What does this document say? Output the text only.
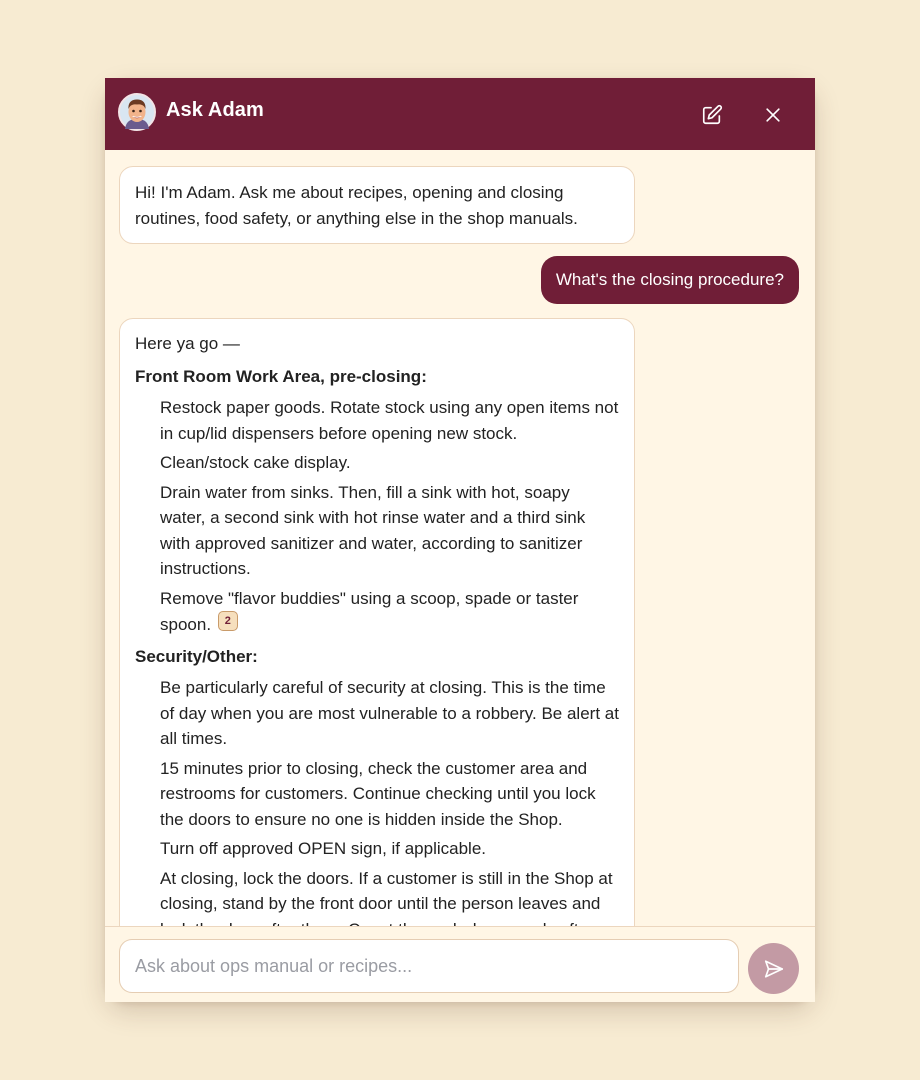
Ask Adam
Hi! I'm Adam. Ask me about recipes, opening and closing routines, food safety, or anything else in the shop manuals.
What's the closing procedure?

Here ya go —

Front Room Work Area, pre-closing:

Restock paper goods. Rotate stock using any open items not in cup/lid dispensers before opening new stock.
Clean/stock cake display.
Drain water from sinks. Then, fill a sink with hot, soapy water, a second sink with hot rinse water and a third sink with approved sanitizer and water, according to sanitizer instructions.
Remove "flavor buddies" using a scoop, spade or taster spoon. 2

Security/Other:

Be particularly careful of security at closing. This is the time of day when you are most vulnerable to a robbery. Be alert at all times.
15 minutes prior to closing, check the customer area and restrooms for customers. Continue checking until you lock the doors to ensure no one is hidden inside the Shop.
Turn off approved OPEN sign, if applicable.
At closing, lock the doors. If a customer is still in the Shop at closing, stand by the front door until the person leaves and
Ask about ops manual or recipes...
